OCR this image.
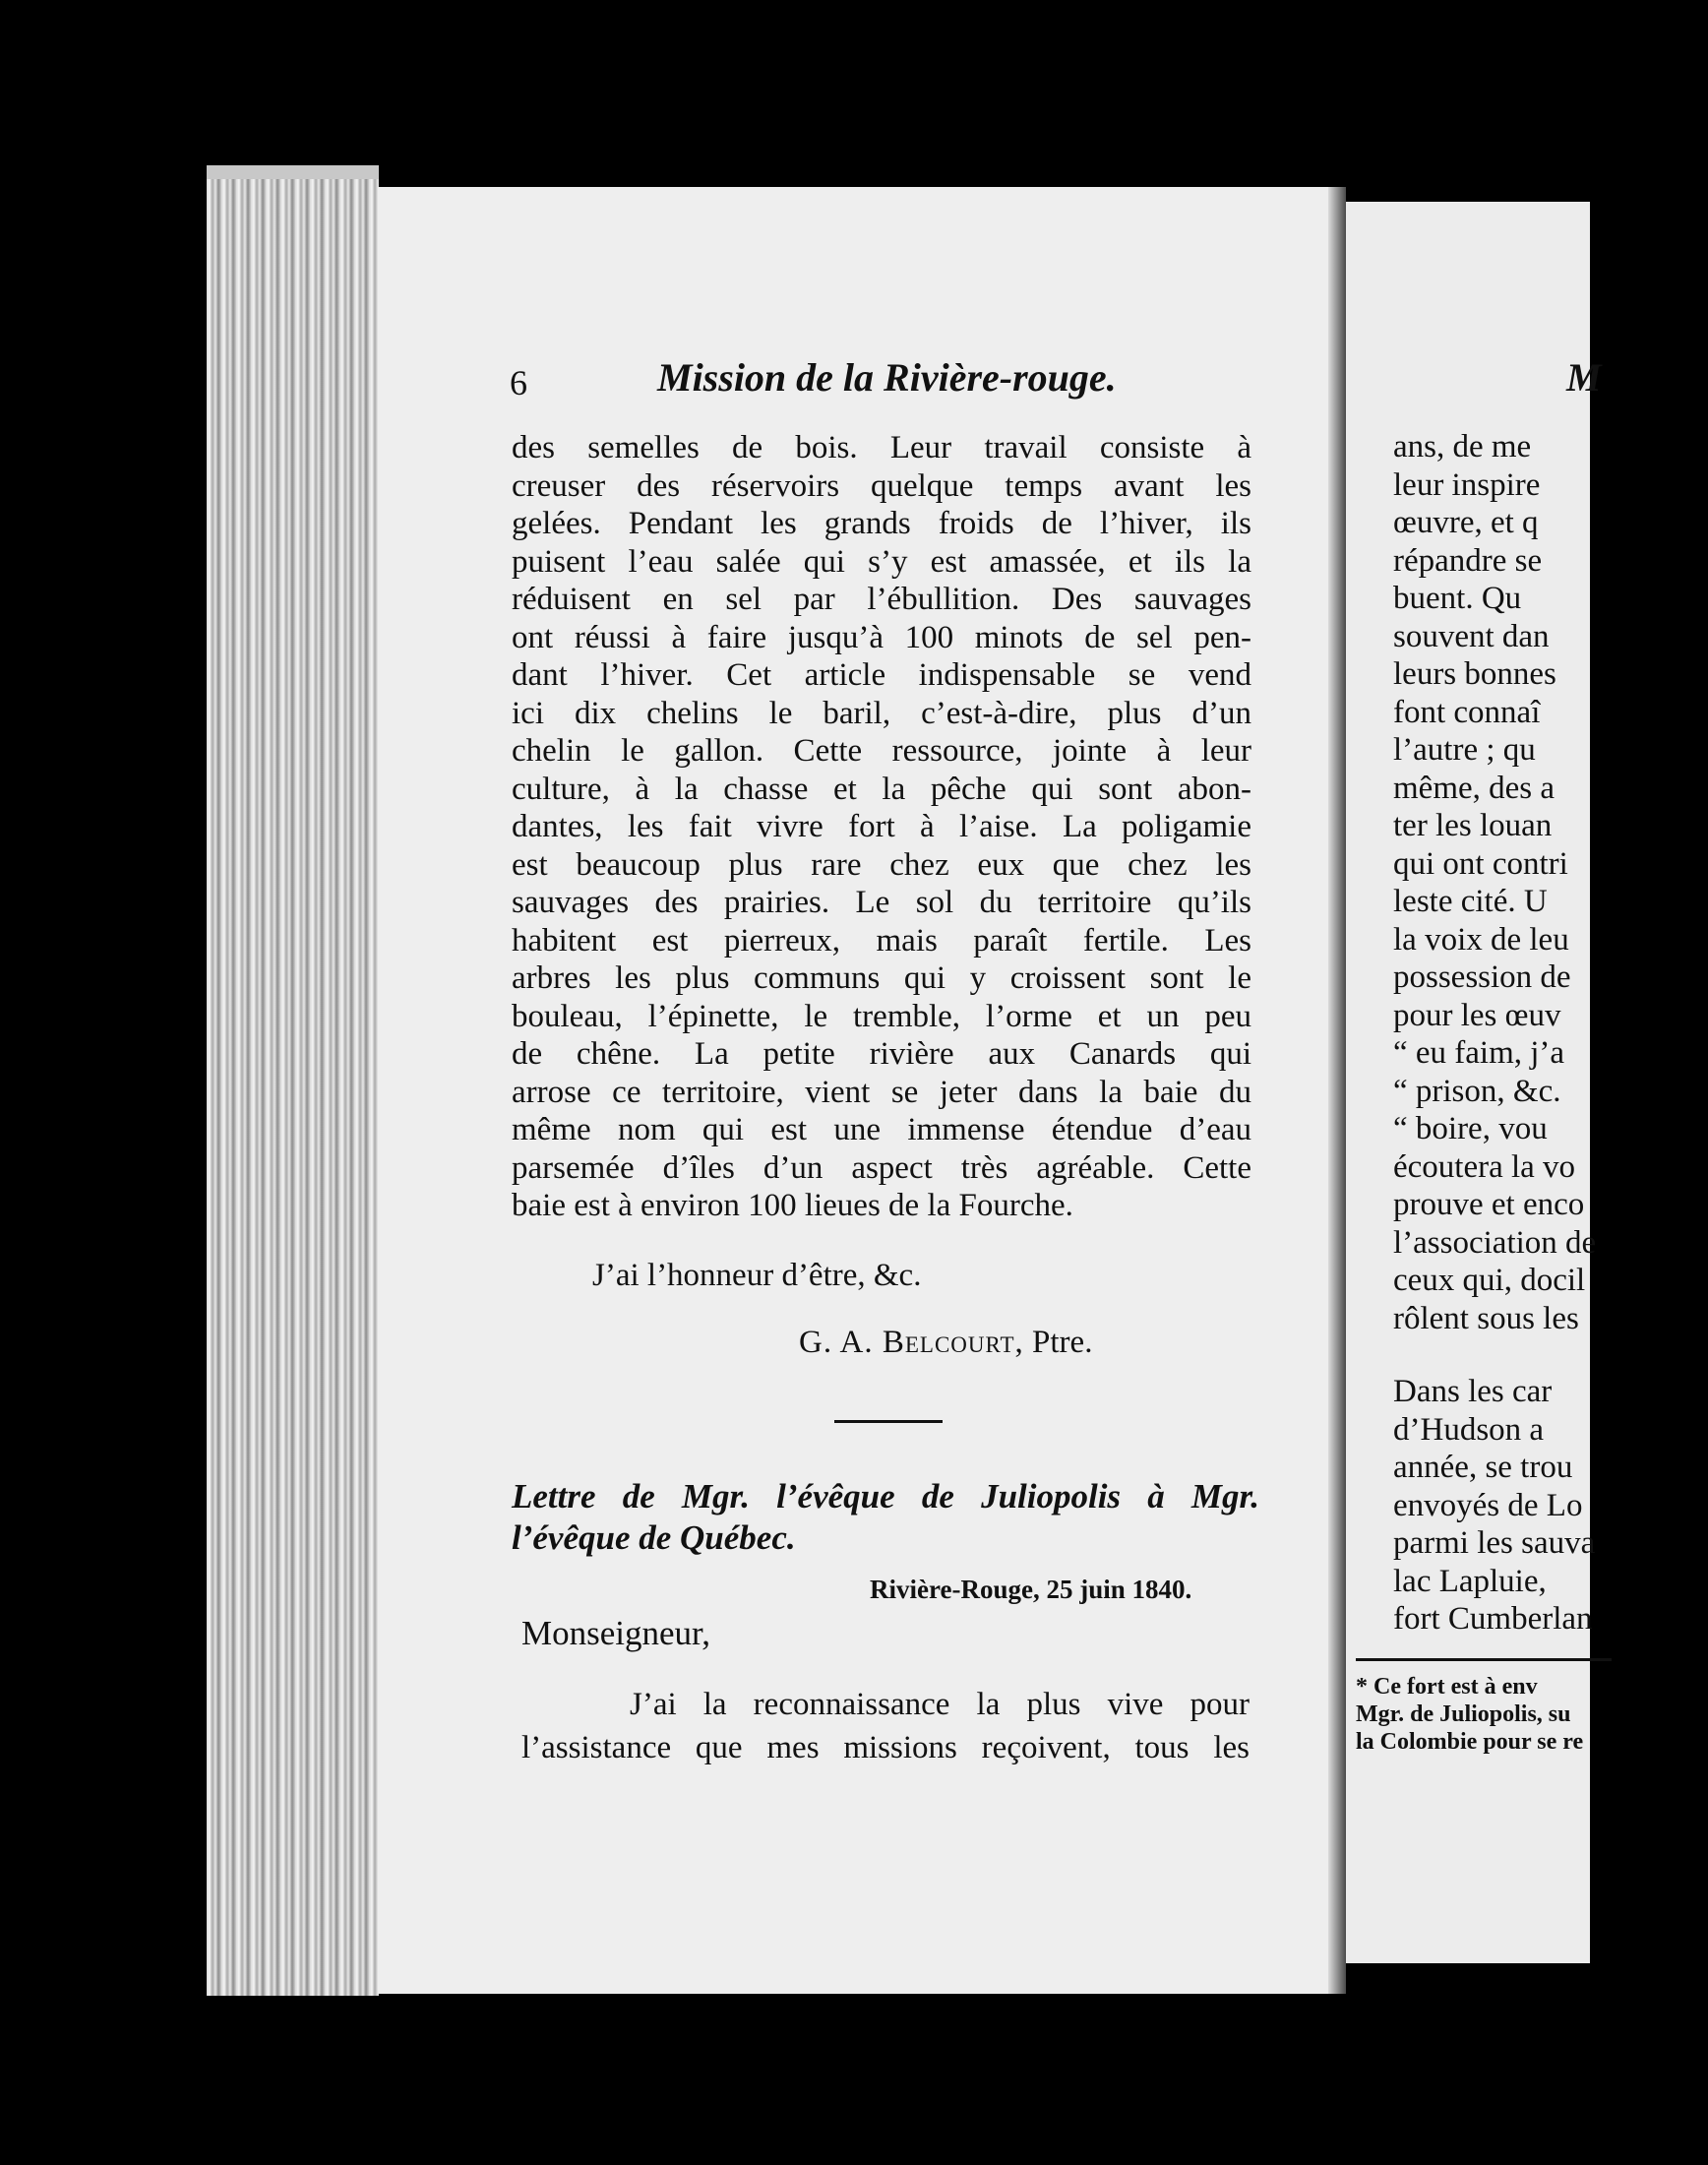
6	Mission de la Rivière-rouge.
des semelles de bois. Leur travail consiste à
creuser des réservoirs quelque temps avant les
gelées. Pendant les grands froids de l’hiver, ils
puisent l’eau salée qui s’y est amassée, et ils la
réduisent en sel par l’ébullition. Des sauvages
ont réussi à faire jusqu’à 100 minots de sel pen-
dant l’hiver. Cet article indispensable se vend
ici dix chelins le baril, c’est-à-dire, plus d’un
chelin le gallon. Cette ressource, jointe à leur
culture, à la chasse et la pêche qui sont abon-
dantes, les fait vivre fort à l’aise. La poligamie
est beaucoup plus rare chez eux que chez les
sauvages des prairies. Le sol du territoire qu’ils
habitent est pierreux, mais paraît fertile. Les
arbres les plus communs qui y croissent sont le
bouleau, l’épinette, le tremble, l’orme et un peu
de chêne. La petite rivière aux Canards qui
arrose ce territoire, vient se jeter dans la baie du
même nom qui est une immense étendue d’eau
parsemée d’îles d’un aspect très agréable. Cette
baie est à environ 100 lieues de la Fourche.
J’ai l’honneur d’être, &c.
G. A. Belcourt, Ptre.
Lettre de Mgr. l’évêque de Juliopolis à Mgr.
l’évêque de Québec.
Rivière-Rouge, 25 juin 1840.
Monseigneur,
J’ai la reconnaissance la plus vive pour
l’assistance que mes missions reçoivent, tous les
M
ans, de me
leur inspire
œuvre, et q
répandre se
buent. Qu
souvent dan
leurs bonnes
font connaî
l’autre ; qu
même, des a
ter les louan
qui ont contri
leste cité. U
la voix de leu
possession de
pour les œuv
“ eu faim, j’a
“ prison, &c.
“ boire, vou
écoutera la vo
prouve et enco
l’association de
ceux qui, docil
rôlent sous les
Dans les car
d’Hudson a
année, se trou
envoyés de Lo
parmi les sauva
lac Lapluie,
fort Cumberlan
* Ce fort est à env
Mgr. de Juliopolis, su
la Colombie pour se re
